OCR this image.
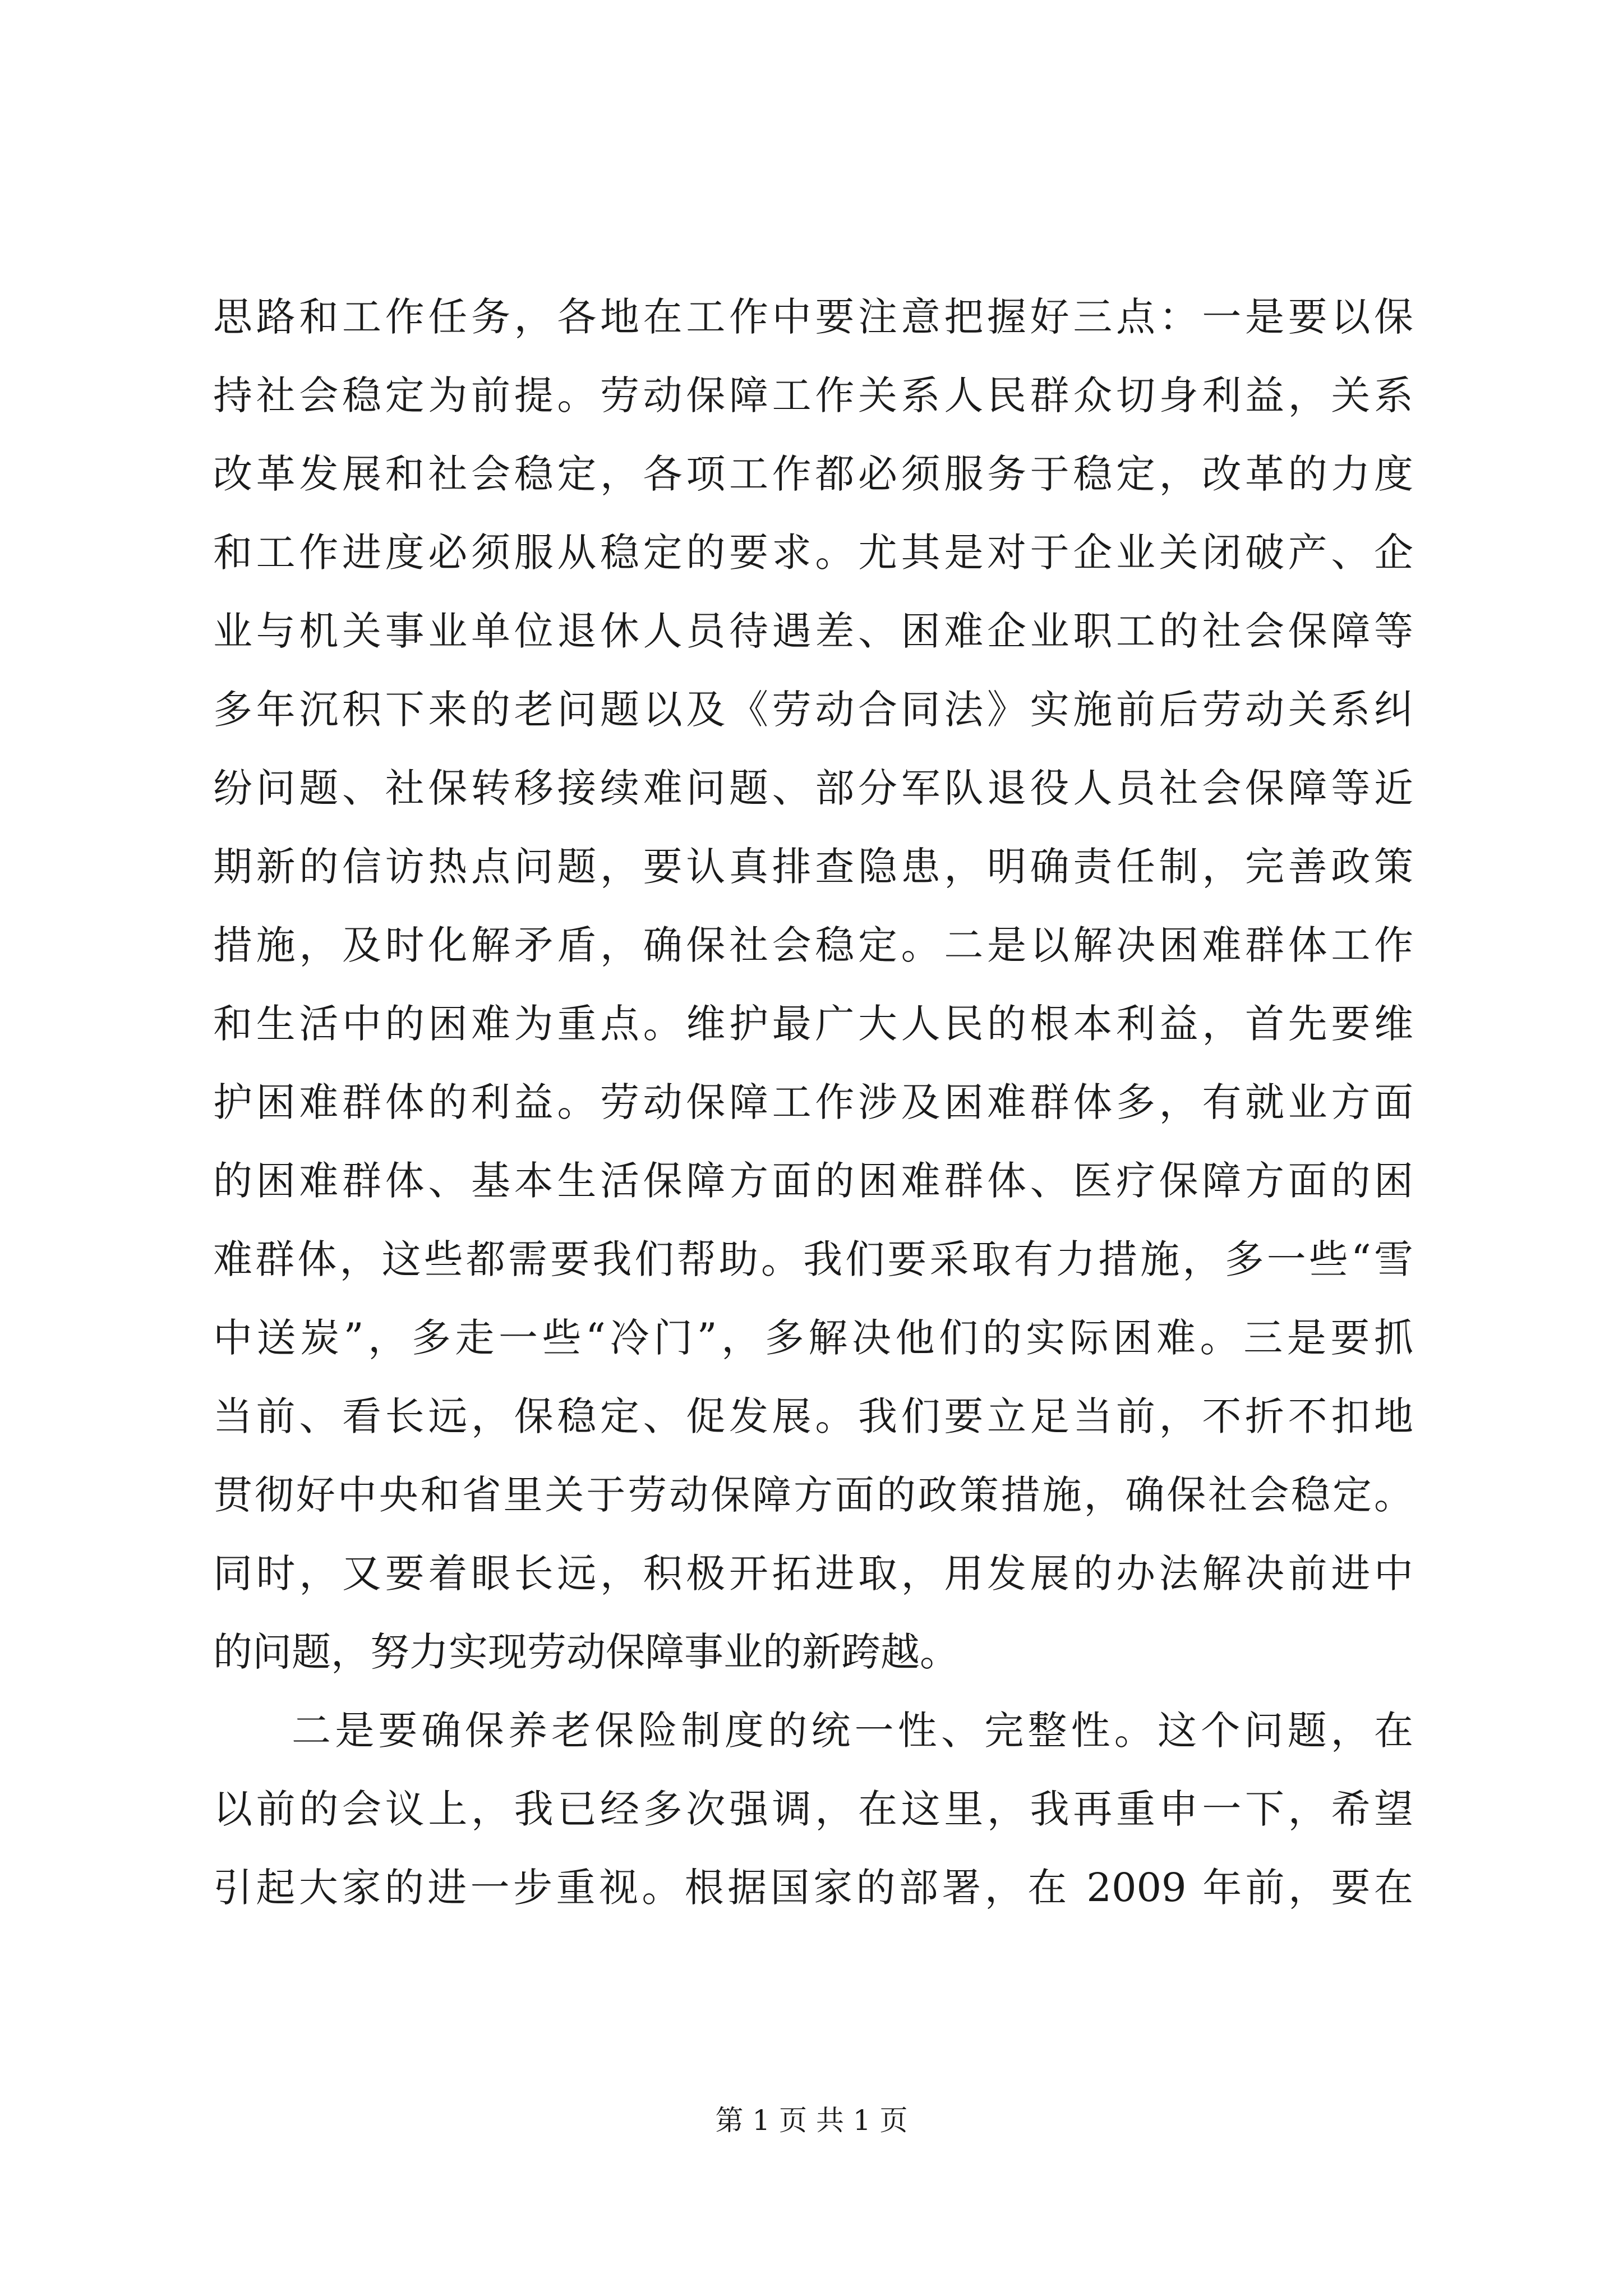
思路和工作任务，各地在工作中要注意把握好三点：一是要以保
持社会稳定为前提。劳动保障工作关系人民群众切身利益，关系
改革发展和社会稳定，各项工作都必须服务于稳定，改革的力度
和工作进度必须服从稳定的要求。尤其是对于企业关闭破产、企
业与机关事业单位退休人员待遇差、困难企业职工的社会保障等
多年沉积下来的老问题以及《劳动合同法》实施前后劳动关系纠
纷问题、社保转移接续难问题、部分军队退役人员社会保障等近
期新的信访热点问题，要认真排查隐患，明确责任制，完善政策
措施，及时化解矛盾，确保社会稳定。二是以解决困难群体工作
和生活中的困难为重点。维护最广大人民的根本利益，首先要维
护困难群体的利益。劳动保障工作涉及困难群体多，有就业方面
的困难群体、基本生活保障方面的困难群体、医疗保障方面的困
难群体，这些都需要我们帮助。我们要采取有力措施，多一些“雪
中送炭”，多走一些“冷门”，多解决他们的实际困难。三是要抓
当前、看长远，保稳定、促发展。我们要立足当前，不折不扣地
贯彻好中央和省里关于劳动保障方面的政策措施，确保社会稳定。
同时，又要着眼长远，积极开拓进取，用发展的办法解决前进中
的问题，努力实现劳动保障事业的新跨越。
二是要确保养老保险制度的统一性、完整性。这个问题，在
以前的会议上，我已经多次强调，在这里，我再重申一下，希望
引起大家的进一步重视。根据国家的部署，在 2009 年前，要在
第 1 页 共 1 页
